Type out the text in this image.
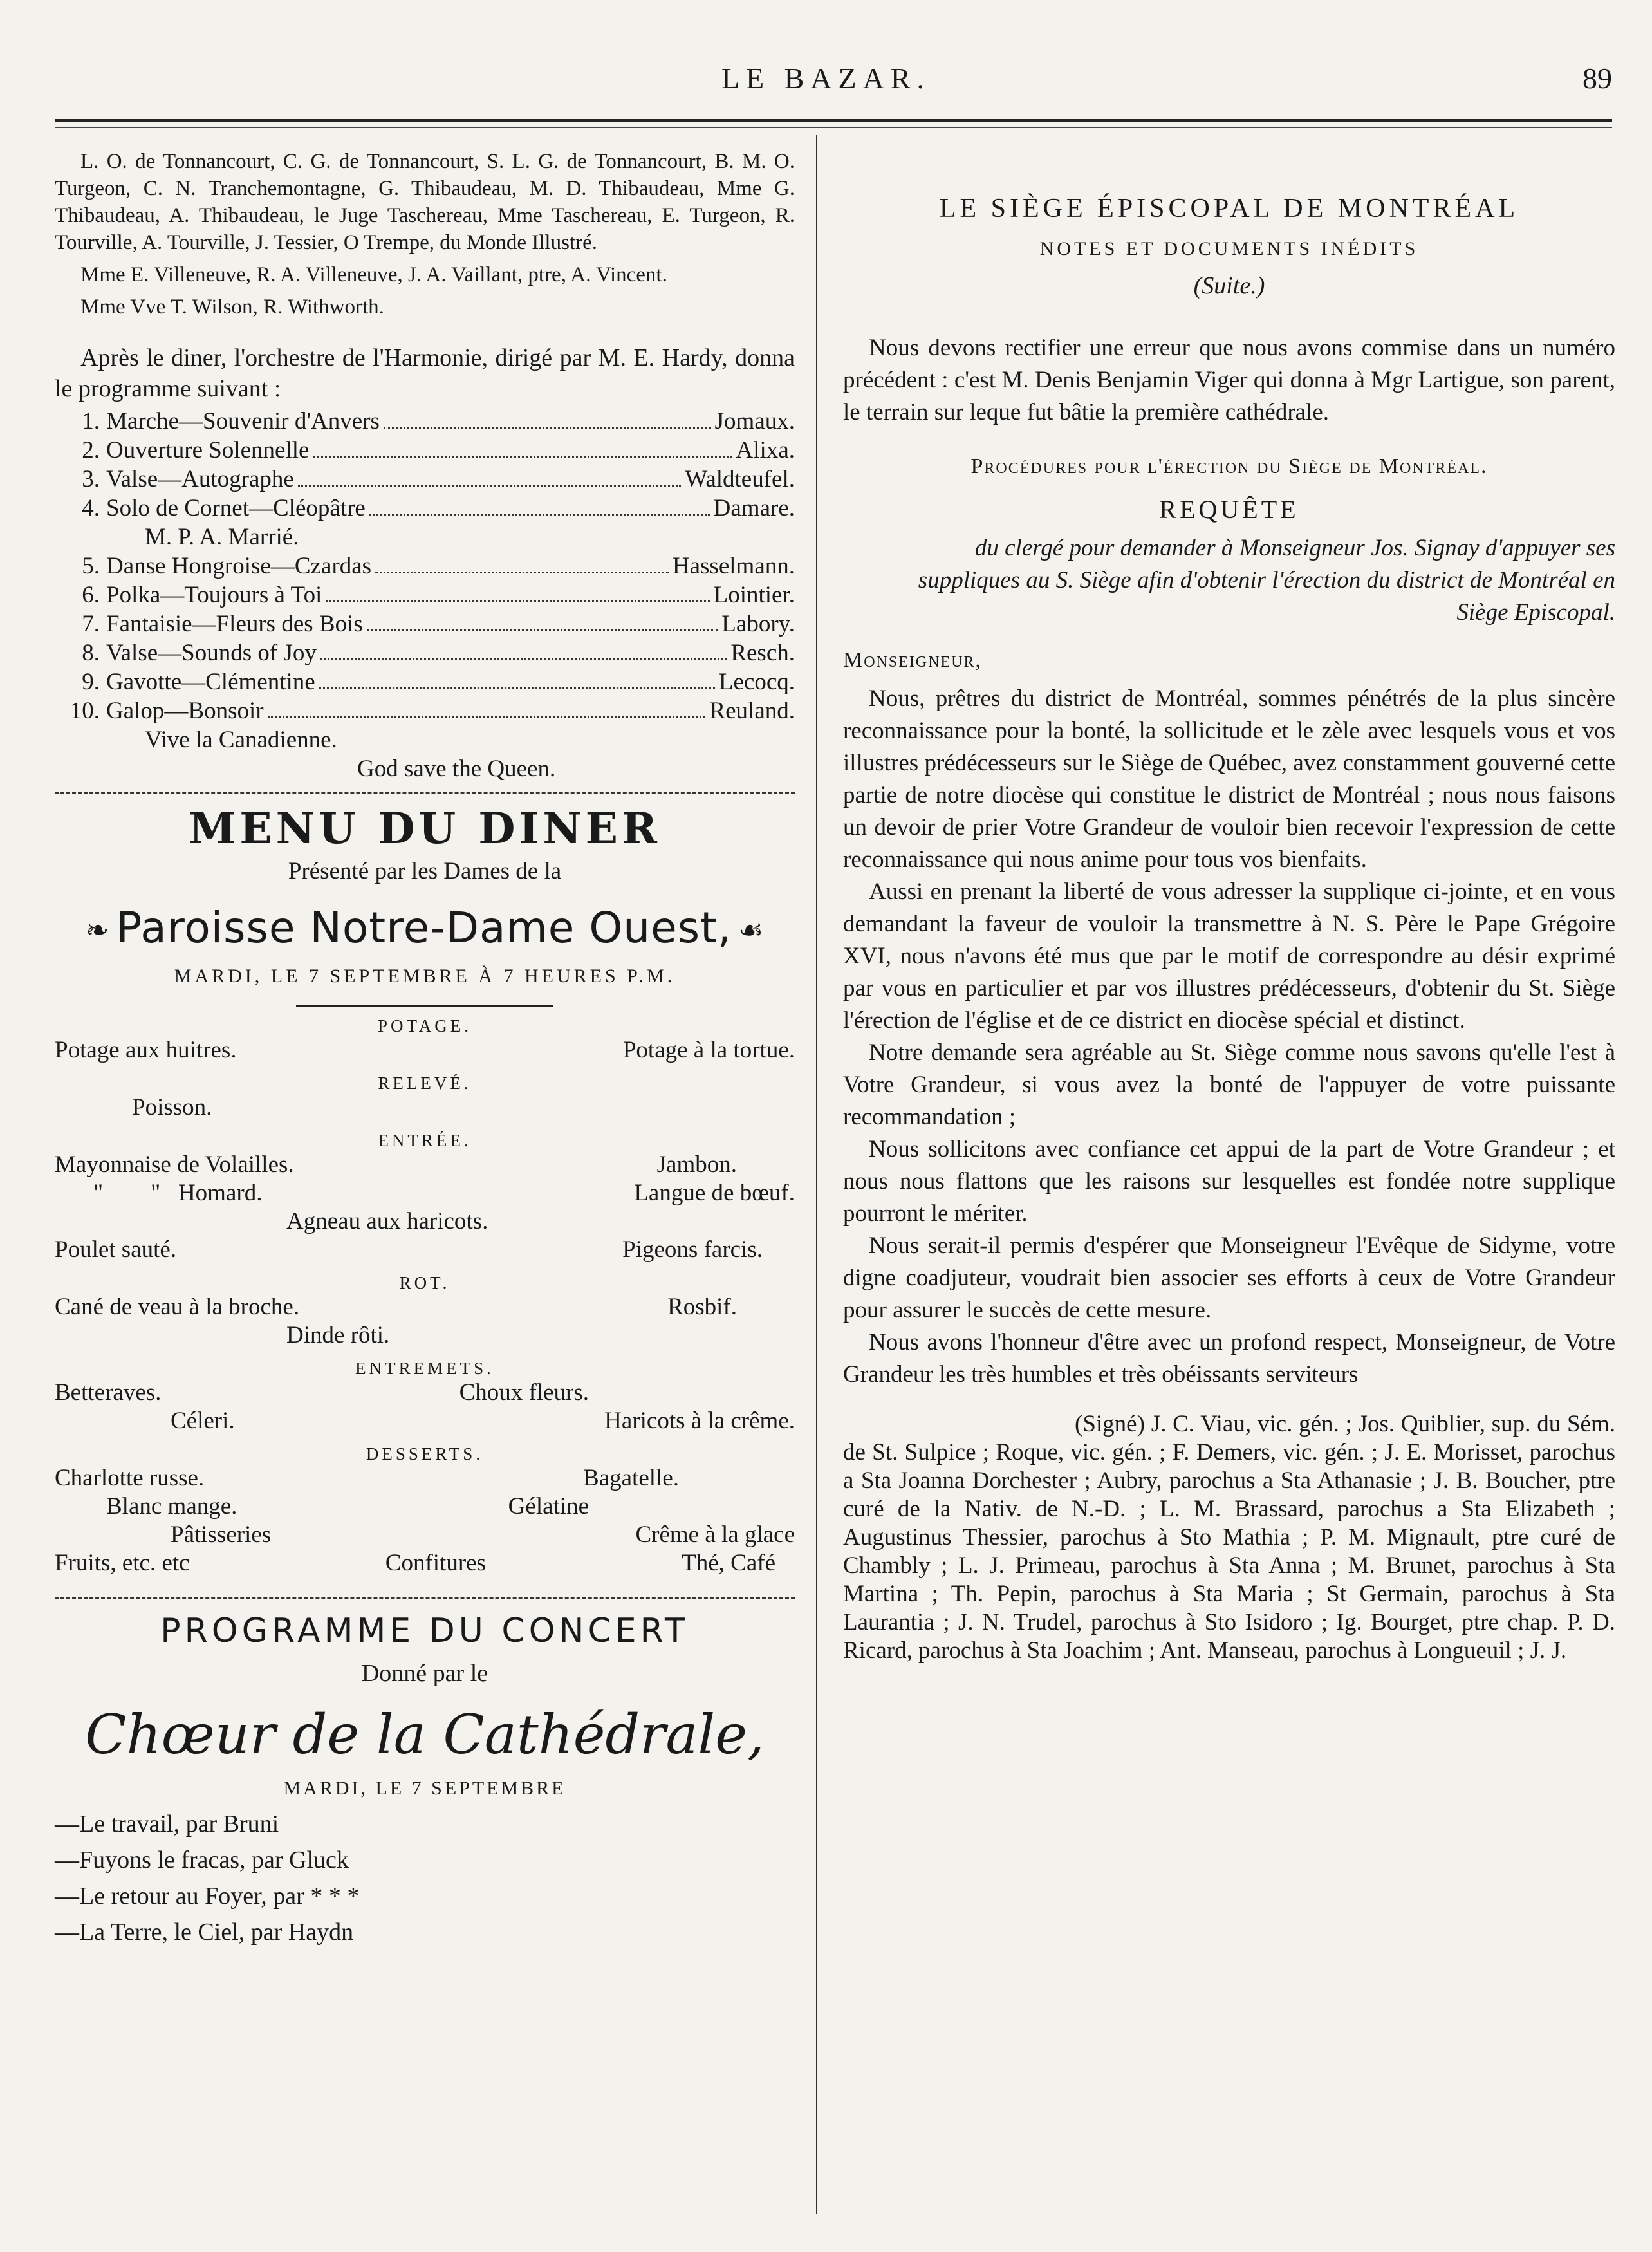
LE BAZAR.	89

L. O. de Tonnancourt, C. G. de Tonnancourt, S. L. G. de Tonnancourt, B. M. O. Turgeon, C. N. Tranchemontagne, G. Thibaudeau, M. D. Thibaudeau, Mme G. Thibaudeau, A. Thibaudeau, le Juge Taschereau, Mme Taschereau, E. Turgeon, R. Tourville, A. Tourville, J. Tessier, O Trempe, du Monde Illustré.

Mme E. Villeneuve, R. A. Villeneuve, J. A. Vaillant, ptre, A. Vincent.

Mme Vve T. Wilson, R. Withworth.

Après le diner, l'orchestre de l'Harmonie, dirigé par M. E. Hardy, donna le programme suivant :

1. Marche—Souvenir d'Anvers	Jomaux.
2. Ouverture Solennelle	Alixa.
3. Valse—Autographe	Waldteufel.
4. Solo de Cornet—Cléopâtre	Damare.
M. P. A. Marrié.
5. Danse Hongroise—Czardas	Hasselmann.
6. Polka—Toujours à Toi	Lointier.
7. Fantaisie—Fleurs des Bois	Labory.
8. Valse—Sounds of Joy	Resch.
9. Gavotte—Clémentine	Lecocq.
10. Galop—Bonsoir	Reuland.
Vive la Canadienne.
God save the Queen.
MENU DU DINER
Présenté par les Dames de la
❧ Paroisse Notre-Dame Ouest, ☙
MARDI, LE 7 SEPTEMBRE À 7 HEURES P.M.
POTAGE.
Potage aux huitres.	Potage à la tortue.
RELEVÉ.
Poisson.
ENTRÉE.
Mayonnaise de Volailles.	Jambon.
"        "   Homard.	Langue de bœuf.
Agneau aux haricots.
Poulet sauté.	Pigeons farcis.
ROT.
Cané de veau à la broche.	Rosbif.
Dinde rôti.
ENTREMETS.
Betteraves.	Choux fleurs.
Céleri.	Haricots à la crême.
DESSERTS.
Charlotte russe.	Bagatelle.
Blanc mange.	Gélatine
Pâtisseries	Crême à la glace
Fruits, etc. etc	Confitures	Thé, Café
PROGRAMME DU CONCERT
Donné par le
Chœur de la Cathédrale,
MARDI, LE 7 SEPTEMBRE
—Le travail, par Bruni
—Fuyons le fracas, par Gluck
—Le retour au Foyer, par * * *
—La Terre, le Ciel, par Haydn
LE SIÈGE ÉPISCOPAL DE MONTRÉAL
NOTES ET DOCUMENTS INÉDITS
(Suite.)

Nous devons rectifier une erreur que nous avons commise dans un numéro précédent : c'est M. Denis Benjamin Viger qui donna à Mgr Lartigue, son parent, le terrain sur leque fut bâtie la première cathédrale.

Procédures pour l'érection du Siège de Montréal.
REQUÊTE
du clergé pour demander à Monseigneur Jos. Signay d'appuyer ses suppliques au S. Siège afin d'obtenir l'érection du district de Montréal en Siège Episcopal.
Monseigneur,

Nous, prêtres du district de Montréal, sommes pénétrés de la plus sincère reconnaissance pour la bonté, la sollicitude et le zèle avec lesquels vous et vos illustres prédécesseurs sur le Siège de Québec, avez constamment gouverné cette partie de notre diocèse qui constitue le district de Montréal ; nous nous faisons un devoir de prier Votre Grandeur de vouloir bien recevoir l'expression de cette reconnaissance qui nous anime pour tous vos bienfaits.

Aussi en prenant la liberté de vous adresser la supplique ci-jointe, et en vous demandant la faveur de vouloir la transmettre à N. S. Père le Pape Grégoire XVI, nous n'avons été mus que par le motif de correspondre au désir exprimé par vous en particulier et par vos illustres prédécesseurs, d'obtenir du St. Siège l'érection de l'église et de ce district en diocèse spécial et distinct.

Notre demande sera agréable au St. Siège comme nous savons qu'elle l'est à Votre Grandeur, si vous avez la bonté de l'appuyer de votre puissante recommandation ;

Nous sollicitons avec confiance cet appui de la part de Votre Grandeur ; et nous nous flattons que les raisons sur lesquelles est fondée notre supplique pourront le mériter.

Nous serait-il permis d'espérer que Monseigneur l'Evêque de Sidyme, votre digne coadjuteur, voudrait bien associer ses efforts à ceux de Votre Grandeur pour assurer le succès de cette mesure.

Nous avons l'honneur d'être avec un profond respect, Monseigneur, de Votre Grandeur les très humbles et très obéissants serviteurs

(Signé) J. C. Viau, vic. gén. ; Jos. Quiblier, sup. du Sém. de St. Sulpice ; Roque, vic. gén. ; F. Demers, vic. gén. ; J. E. Morisset, parochus a Sta Joanna Dorchester ; Aubry, parochus a Sta Athanasie ; J. B. Boucher, ptre curé de la Nativ. de N.-D. ; L. M. Brassard, parochus a Sta Elizabeth ; Augustinus Thessier, parochus à Sto Mathia ; P. M. Mignault, ptre curé de Chambly ; L. J. Primeau, parochus à Sta Anna ; M. Brunet, parochus à Sta Martina ; Th. Pepin, parochus à Sta Maria ; St Germain, parochus à Sta Laurantia ; J. N. Trudel, parochus à Sto Isidoro ; Ig. Bourget, ptre chap. P. D. Ricard, parochus à Sta Joachim ; Ant. Manseau, parochus à Longueuil ; J. J.
